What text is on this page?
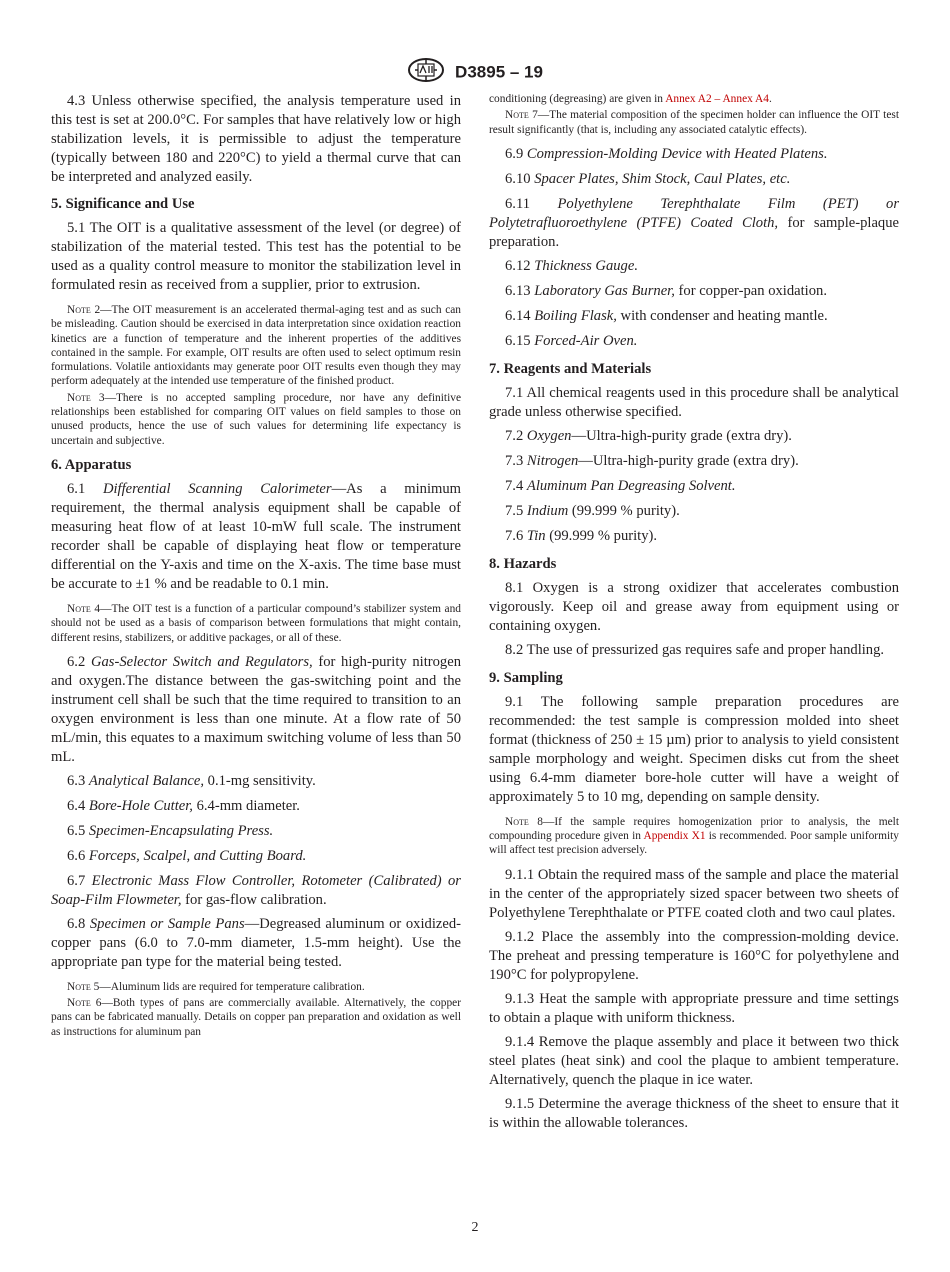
D3895 – 19

4.3 Unless otherwise specified, the analysis temperature used in this test is set at 200.0°C. For samples that have relatively low or high stabilization levels, it is permissible to adjust the temperature (typically between 180 and 220°C) to yield a thermal curve that can be interpreted and analyzed easily.

5. Significance and Use

5.1 The OIT is a qualitative assessment of the level (or degree) of stabilization of the material tested. This test has the potential to be used as a quality control measure to monitor the stabilization level in formulated resin as received from a supplier, prior to extrusion.

Note 2—The OIT measurement is an accelerated thermal-aging test and as such can be misleading. Caution should be exercised in data interpretation since oxidation reaction kinetics are a function of temperature and the inherent properties of the additives contained in the sample. For example, OIT results are often used to select optimum resin formulations. Volatile antioxidants may generate poor OIT results even though they may perform adequately at the intended use temperature of the finished product.

Note 3—There is no accepted sampling procedure, nor have any definitive relationships been established for comparing OIT values on field samples to those on unused products, hence the use of such values for determining life expectancy is uncertain and subjective.

6. Apparatus

6.1 Differential Scanning Calorimeter—As a minimum requirement, the thermal analysis equipment shall be capable of measuring heat flow of at least 10-mW full scale. The instrument recorder shall be capable of displaying heat flow or temperature differential on the Y-axis and time on the X-axis. The time base must be accurate to ±1 % and be readable to 0.1 min.

Note 4—The OIT test is a function of a particular compound’s stabilizer system and should not be used as a basis of comparison between formulations that might contain, different resins, stabilizers, or additive packages, or all of these.

6.2 Gas-Selector Switch and Regulators, for high-purity nitrogen and oxygen.The distance between the gas-switching point and the instrument cell shall be such that the time required to transition to an oxygen environment is less than one minute. At a flow rate of 50 mL/min, this equates to a maximum switching volume of less than 50 mL.

6.3 Analytical Balance, 0.1-mg sensitivity.

6.4 Bore-Hole Cutter, 6.4-mm diameter.

6.5 Specimen-Encapsulating Press.

6.6 Forceps, Scalpel, and Cutting Board.

6.7 Electronic Mass Flow Controller, Rotometer (Calibrated) or Soap-Film Flowmeter, for gas-flow calibration.

6.8 Specimen or Sample Pans—Degreased aluminum or oxidized-copper pans (6.0 to 7.0-mm diameter, 1.5-mm height). Use the appropriate pan type for the material being tested.

Note 5—Aluminum lids are required for temperature calibration.

Note 6—Both types of pans are commercially available. Alternatively, the copper pans can be fabricated manually. Details on copper pan preparation and oxidation as well as instructions for aluminum pan

conditioning (degreasing) are given in Annex A2 – Annex A4.

Note 7—The material composition of the specimen holder can influence the OIT test result significantly (that is, including any associated catalytic effects).

6.9 Compression-Molding Device with Heated Platens.

6.10 Spacer Plates, Shim Stock, Caul Plates, etc.

6.11 Polyethylene Terephthalate Film (PET) or Polytetrafluoroethylene (PTFE) Coated Cloth, for sample-plaque preparation.

6.12 Thickness Gauge.

6.13 Laboratory Gas Burner, for copper-pan oxidation.

6.14 Boiling Flask, with condenser and heating mantle.

6.15 Forced-Air Oven.

7. Reagents and Materials

7.1 All chemical reagents used in this procedure shall be analytical grade unless otherwise specified.

7.2 Oxygen—Ultra-high-purity grade (extra dry).

7.3 Nitrogen—Ultra-high-purity grade (extra dry).

7.4 Aluminum Pan Degreasing Solvent.

7.5 Indium (99.999 % purity).

7.6 Tin (99.999 % purity).

8. Hazards

8.1 Oxygen is a strong oxidizer that accelerates combustion vigorously. Keep oil and grease away from equipment using or containing oxygen.

8.2 The use of pressurized gas requires safe and proper handling.

9. Sampling

9.1 The following sample preparation procedures are recommended: the test sample is compression molded into sheet format (thickness of 250 ± 15 µm) prior to analysis to yield consistent sample morphology and weight. Specimen disks cut from the sheet using 6.4-mm diameter bore-hole cutter will have a weight of approximately 5 to 10 mg, depending on sample density.

Note 8—If the sample requires homogenization prior to analysis, the melt compounding procedure given in Appendix X1 is recommended. Poor sample uniformity will affect test precision adversely.

9.1.1 Obtain the required mass of the sample and place the material in the center of the appropriately sized spacer between two sheets of Polyethylene Terephthalate or PTFE coated cloth and two caul plates.

9.1.2 Place the assembly into the compression-molding device. The preheat and pressing temperature is 160°C for polyethylene and 190°C for polypropylene.

9.1.3 Heat the sample with appropriate pressure and time settings to obtain a plaque with uniform thickness.

9.1.4 Remove the plaque assembly and place it between two thick steel plates (heat sink) and cool the plaque to ambient temperature. Alternatively, quench the plaque in ice water.

9.1.5 Determine the average thickness of the sheet to ensure that it is within the allowable tolerances.

2
